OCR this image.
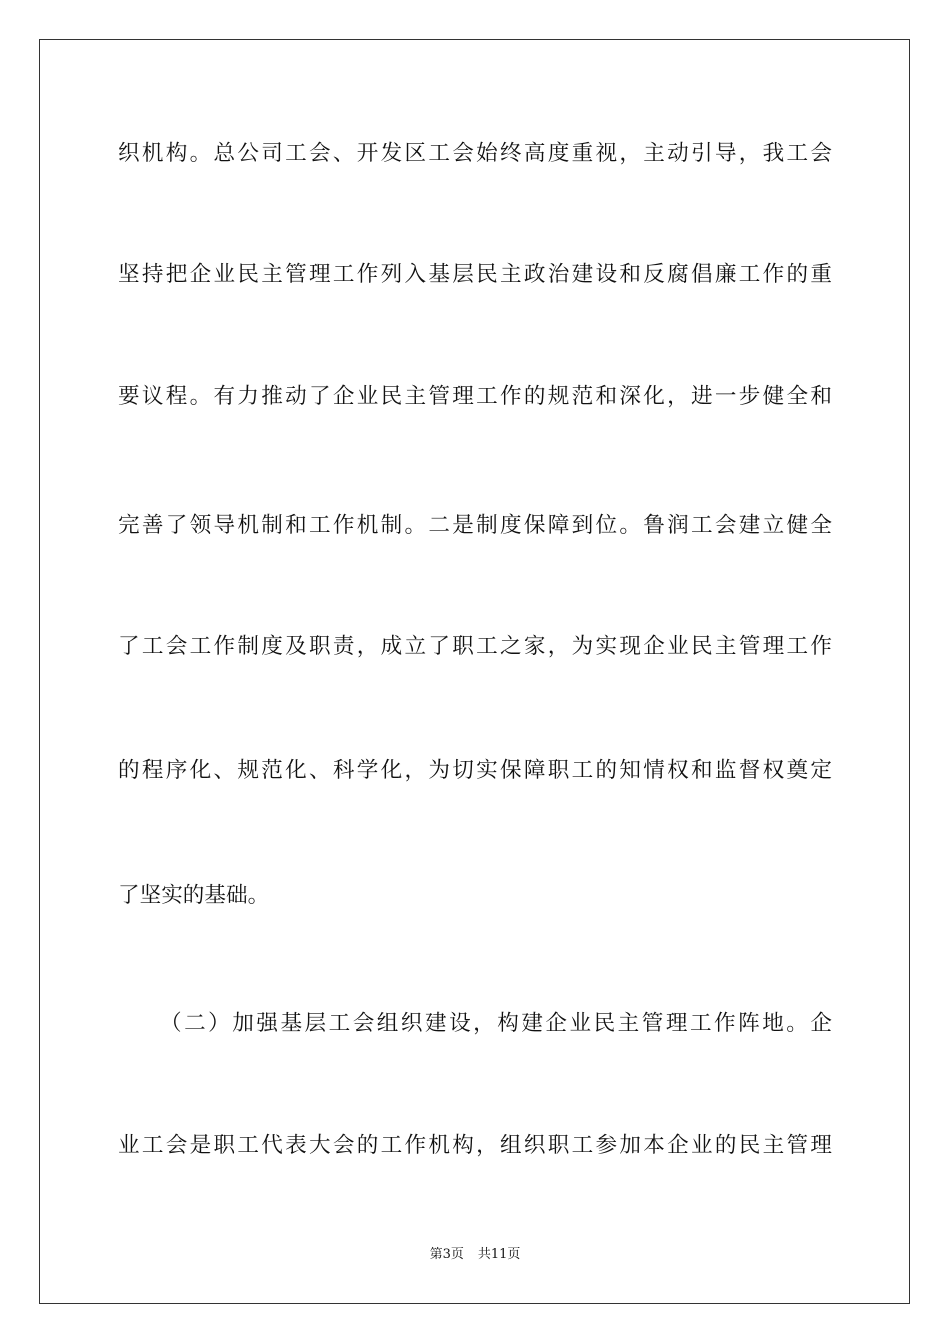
织机构。总公司工会、开发区工会始终高度重视，主动引导，我工会
坚持把企业民主管理工作列入基层民主政治建设和反腐倡廉工作的重
要议程。有力推动了企业民主管理工作的规范和深化，进一步健全和
完善了领导机制和工作机制。二是制度保障到位。鲁润工会建立健全
了工会工作制度及职责，成立了职工之家，为实现企业民主管理工作
的程序化、规范化、科学化，为切实保障职工的知情权和监督权奠定
了坚实的基础。
（二）加强基层工会组织建设，构建企业民主管理工作阵地。企
业工会是职工代表大会的工作机构，组织职工参加本企业的民主管理
第3页 共11页
